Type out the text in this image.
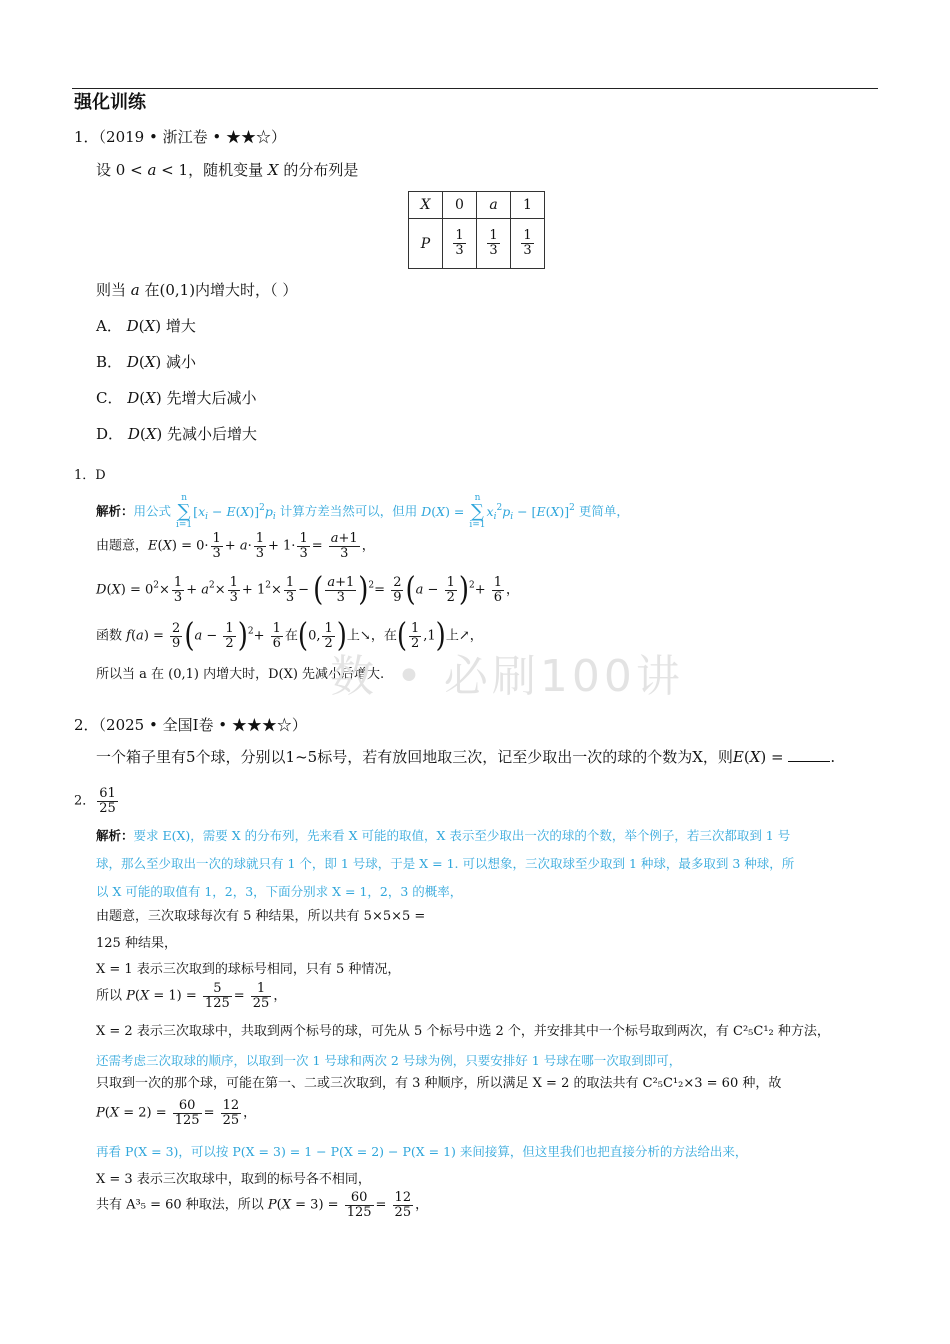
强化训练
1．（2019 • 浙江卷 • ★★☆）
设 0 < a < 1，随机变量 X 的分布列是
X	0	a	1
P	$\frac{1}{3}$	$\frac{1}{3}$	$\frac{1}{3}$
则当 a 在(0,1)内增大时，（ ）
A． D(X) 增大
B． D(X) 减小
C． D(X) 先增大后减小
D． D(X) 先减小后增大
1．D
解析：用公式 n
∑
$i=1[x_i - E(X)]^2p_i$ 计算方差当然可以，但用 D(X) = n
∑
$i=1x_i^2p_i - [E(X)]^2$ 更简单，
由题意，$E(X) = 0\cdot \frac{1}{3} + a\cdot \frac{1}{3} + 1\cdot \frac{1}{3} = \frac{a+1}{3}$ ，
$D(X) = 0^2\times \frac{1}{3} + a^2\times \frac{1}{3} + 1^2\times \frac{1}{3}$ − ( $\frac{a+1}{3} )^2= \frac{2}{9} (a - \frac{1}{2} )^2+ \frac{1}{6}$ ，
函数 $f(a) = \frac{2}{9} (a - \frac{1}{2} )^2+ \frac{1}{6}$ 在(0, $\frac{1}{2}$ )上↘，在( $\frac{1}{2} ,1$)上↗，
所以当 a 在 (0,1) 内增大时，D(X) 先减小后增大.
数 • 必刷100讲
2．（2025 • 全国Ⅰ卷 • ★★★☆）
一个箱子里有5个球，分别以1~5标号，若有放回地取三次，记至少取出一次的球的个数为X，则E(X) =	.
2． $\frac{61}{25}$
解析：要求 E(X)，需要 X 的分布列，先来看 X 可能的取值，X 表示至少取出一次的球的个数，举个例子，若三次都取到 1 号
球，那么至少取出一次的球就只有 1 个，即 1 号球，于是 X = 1. 可以想象，三次取球至少取到 1 种球，最多取到 3 种球，所
以 X 可能的取值有 1，2，3，下面分别求 X = 1，2，3 的概率，
由题意，三次取球每次有 5 种结果，所以共有 5×5×5 =
125 种结果，
X = 1 表示三次取到的球标号相同，只有 5 种情况，
所以 $P(X = 1) = \frac{5}{125} = \frac{1}{25}$ ，
X = 2 表示三次取球中，共取到两个标号的球，可先从 5 个标号中选 2 个，并安排其中一个标号取到两次，有 C²₅C¹₂ 种方法，
还需考虑三次取球的顺序，以取到一次 1 号球和两次 2 号球为例，只要安排好 1 号球在哪一次取到即可，
只取到一次的那个球，可能在第一、二或三次取到，有 3 种顺序，所以满足 X = 2 的取法共有 C²₅C¹₂×3 = 60 种，故
$P(X = 2) = \frac{60}{125} = \frac{12}{25}$ ，
再看 P(X = 3)，可以按 P(X = 3) = 1 − P(X = 2) − P(X = 1) 来间接算，但这里我们也把直接分析的方法给出来，
X = 3 表示三次取球中，取到的标号各不相同，
共有 A³₅ = 60 种取法，所以 $P(X = 3) = \frac{60}{125} = \frac{12}{25}$ ，
